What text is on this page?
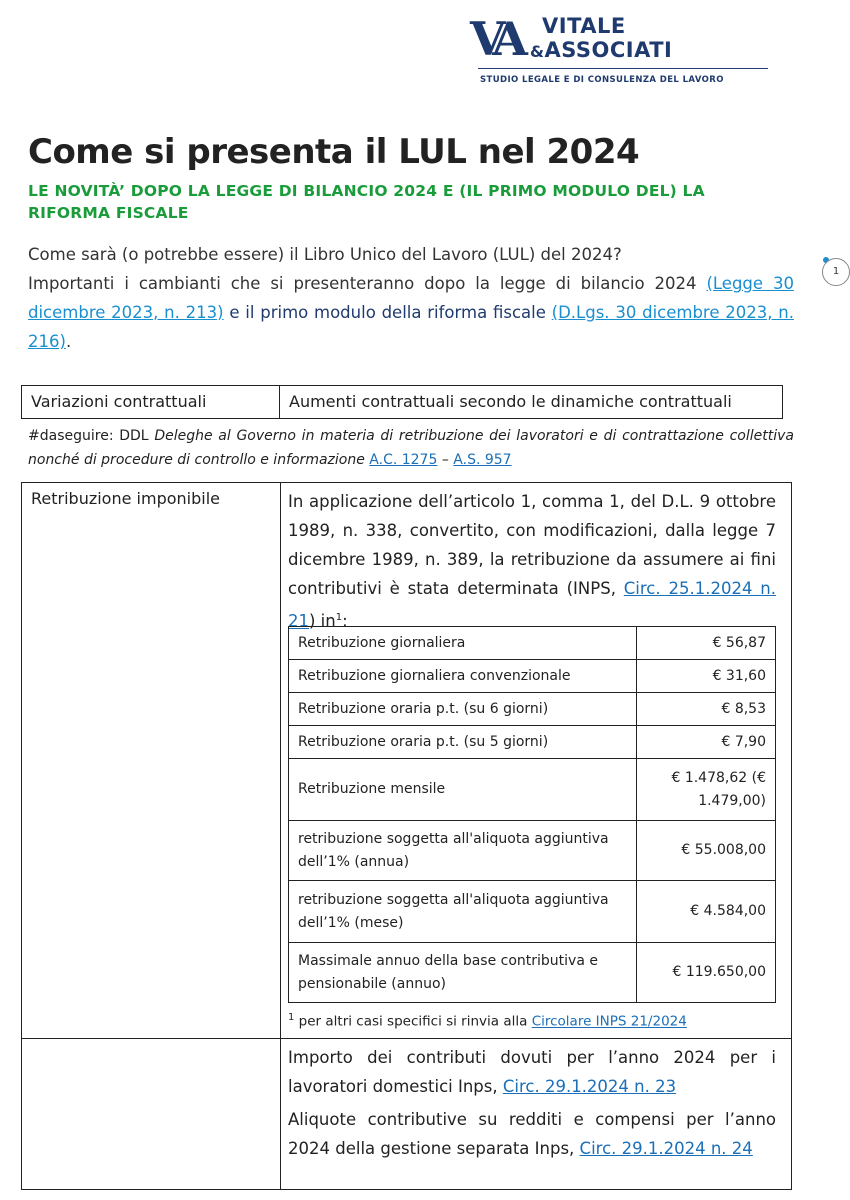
VA VITALE
&ASSOCIATI
STUDIO LEGALE E DI CONSULENZA DEL LAVORO
Come si presenta il LUL nel 2024
LE NOVITÀ’ DOPO LA LEGGE DI BILANCIO 2024 E (IL PRIMO MODULO DEL) LA RIFORMA FISCALE

Come sarà (o potrebbe essere) il Libro Unico del Lavoro (LUL) del 2024?

Importanti i cambianti che si presenteranno dopo la legge di bilancio 2024 (Legge 30 dicembre 2023, n. 213) e il primo modulo della riforma fiscale (D.Lgs. 30 dicembre 2023, n. 216).

1
Variazioni contrattuali	Aumenti contrattuali secondo le dinamiche contrattuali
#daseguire: DDL Deleghe al Governo in materia di retribuzione dei lavoratori e di contrattazione collettiva nonché di procedure di controllo e informazione A.C. 1275 – A.S. 957
Retribuzione imponibile	In applicazione dell’articolo 1, comma 1, del D.L. 9 ottobre 1989, n. 338, convertito, con modificazioni, dalla legge 7 dicembre 1989, n. 389, la retribuzione da assumere ai fini contributivi è stata determinata (INPS, Circ. 25.1.2024 n. 21) $in^1$:
Retribuzione giornaliera	€ 56,87
Retribuzione giornaliera convenzionale	€ 31,60
Retribuzione oraria p.t. (su 6 giorni)	€ 8,53
Retribuzione oraria p.t. (su 5 giorni)	€ 7,90
Retribuzione mensile	€ 1.478,62 (€ 1.479,00)
retribuzione soggetta all'aliquota aggiuntiva dell’1% (annua)	€ 55.008,00
retribuzione soggetta all'aliquota aggiuntiva dell’1% (mese)	€ 4.584,00
Massimale annuo della base contributiva e pensionabile (annuo)	€ 119.650,00
$^1$ per altri casi specifici si rinvia alla Circolare INPS 21/2024

Importo dei contributi dovuti per l’anno 2024 per i lavoratori domestici Inps, Circ. 29.1.2024 n. 23

Aliquote contributive su redditi e compensi per l’anno 2024 della gestione separata Inps, Circ. 29.1.2024 n. 24
